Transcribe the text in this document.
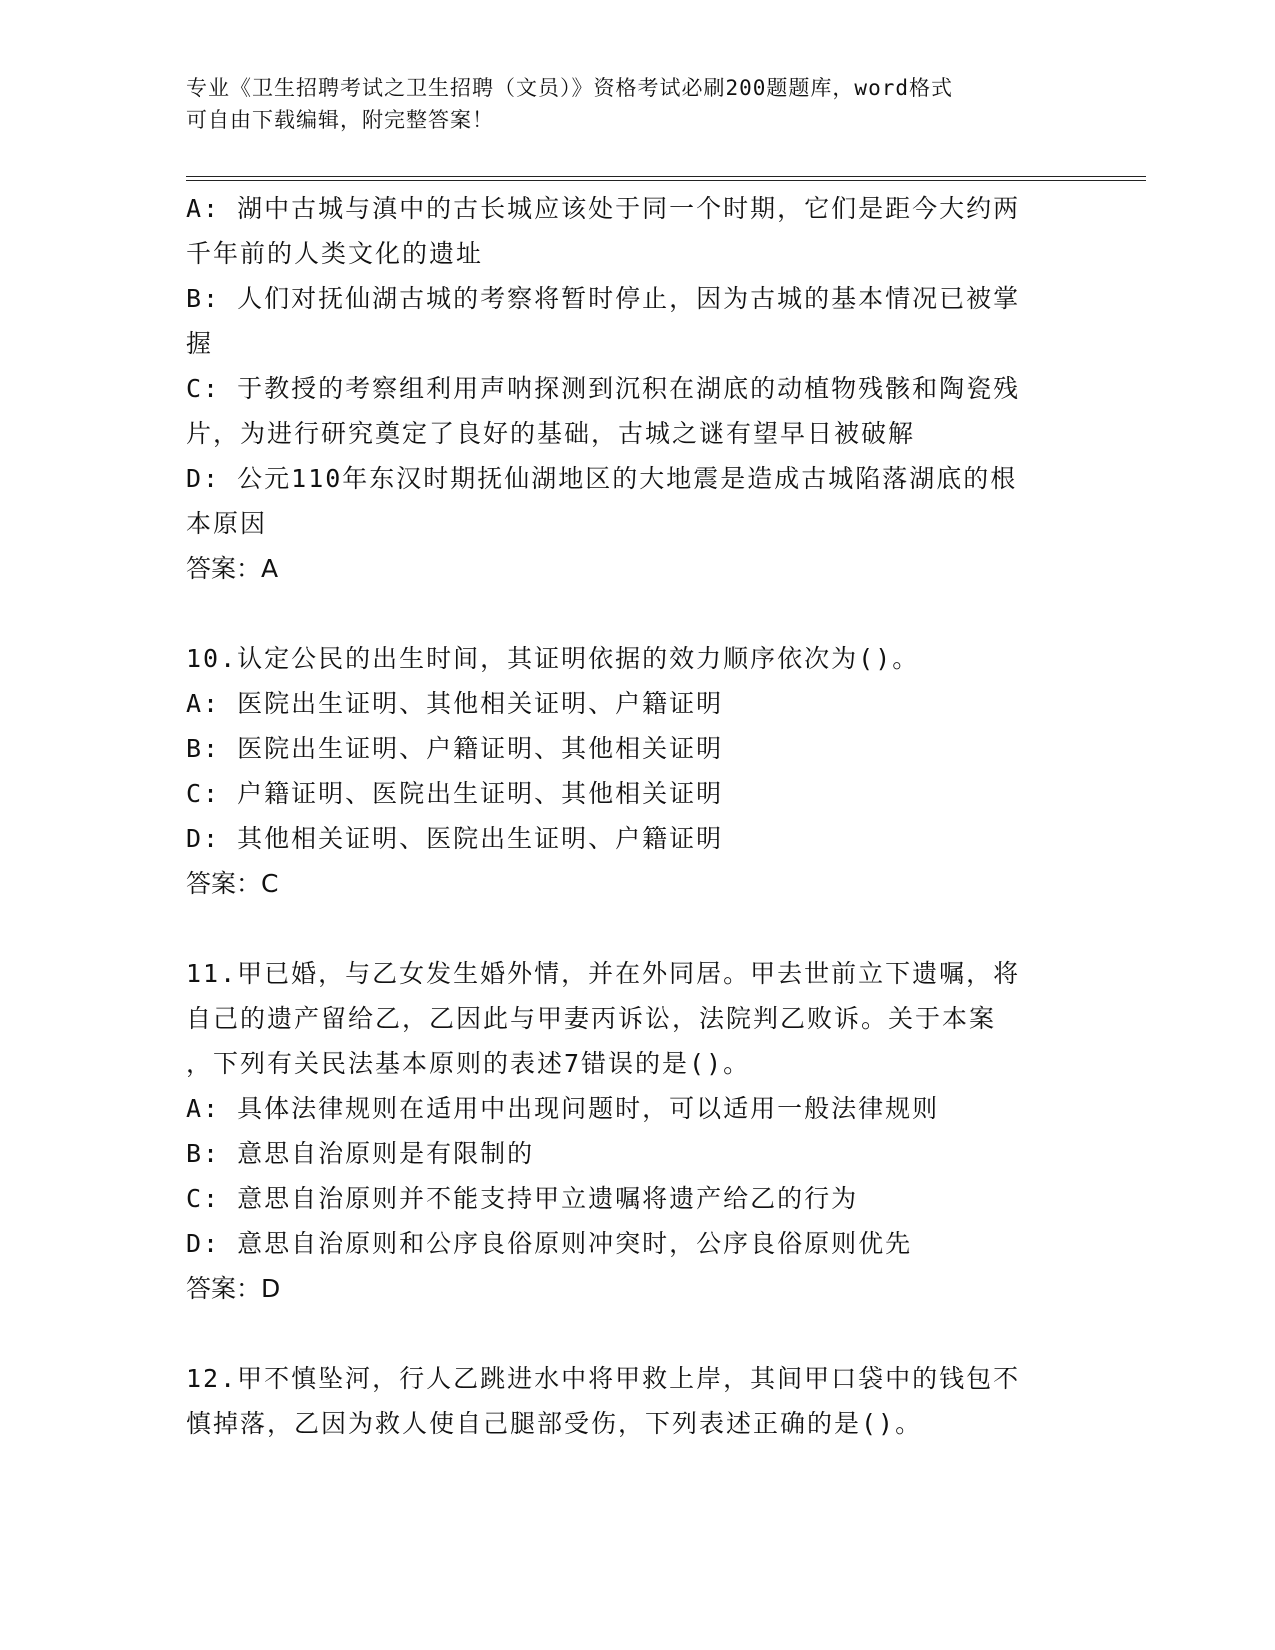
专业《卫生招聘考试之卫生招聘（文员）》资格考试必刷200题题库，word格式
可自由下载编辑，附完整答案！
A: 湖中古城与滇中的古长城应该处于同一个时期，它们是距今大约两
千年前的人类文化的遗址
B: 人们对抚仙湖古城的考察将暂时停止，因为古城的基本情况已被掌
握
C: 于教授的考察组利用声呐探测到沉积在湖底的动植物残骸和陶瓷残
片，为进行研究奠定了良好的基础，古城之谜有望早日被破解
D: 公元110年东汉时期抚仙湖地区的大地震是造成古城陷落湖底的根
本原因
答案：A
10.认定公民的出生时间，其证明依据的效力顺序依次为()。
A: 医院出生证明、其他相关证明、户籍证明
B: 医院出生证明、户籍证明、其他相关证明
C: 户籍证明、医院出生证明、其他相关证明
D: 其他相关证明、医院出生证明、户籍证明
答案：C
11.甲已婚，与乙女发生婚外情，并在外同居。甲去世前立下遗嘱，将
自己的遗产留给乙，乙因此与甲妻丙诉讼，法院判乙败诉。关于本案
，下列有关民法基本原则的表述7错误的是()。
A: 具体法律规则在适用中出现问题时，可以适用一般法律规则
B: 意思自治原则是有限制的
C: 意思自治原则并不能支持甲立遗嘱将遗产给乙的行为
D: 意思自治原则和公序良俗原则冲突时，公序良俗原则优先
答案：D
12.甲不慎坠河，行人乙跳进水中将甲救上岸，其间甲口袋中的钱包不
慎掉落，乙因为救人使自己腿部受伤，下列表述正确的是()。
